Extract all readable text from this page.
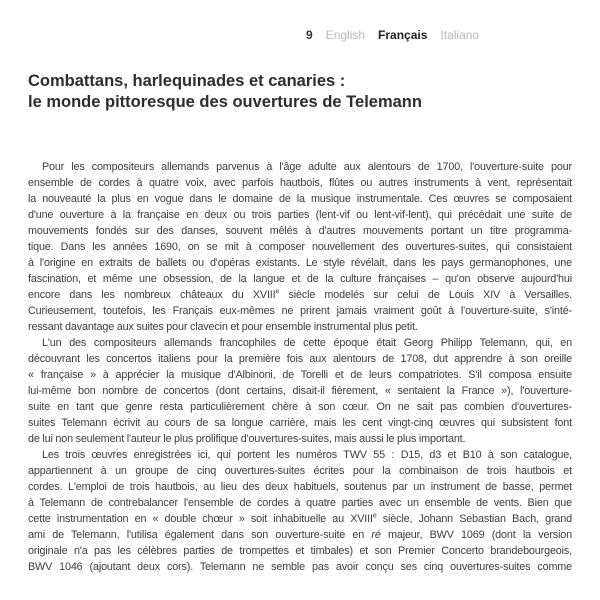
9 English Français Italiano
Combattans, harlequinades et canaries :
le monde pittoresque des ouvertures de Telemann
Pour les compositeurs allemands parvenus à l'âge adulte aux alentours de 1700, l'ouverture-suite pour
ensemble de cordes à quatre voix, avec parfois hautbois, flûtes ou autres instruments à vent, représentait
la nouveauté la plus en vogue dans le domaine de la musique instrumentale. Ces œuvres se composaient
d'une ouverture à la française en deux ou trois parties (lent-vif ou lent-vif-lent), qui précédait une suite de
mouvements fondés sur des danses, souvent mêlés à d'autres mouvements portant un titre programma-
tique. Dans les années 1690, on se mit à composer nouvellement des ouvertures-suites, qui consistaient
à l'origine en extraits de ballets ou d'opéras existants. Le style révélait, dans les pays germanophones, une
fascination, et même une obsession, de la langue et de la culture françaises – qu'on observe aujourd'hui
encore dans les nombreux châteaux du XVIIIe siècle modelés sur celui de Louis XIV à Versailles.
Curieusement, toutefois, les Français eux-mêmes ne prirent jamais vraiment goût à l'ouverture-suite, s'inté-
ressant davantage aux suites pour clavecin et pour ensemble instrumental plus petit.
L'un des compositeurs allemands francophiles de cette époque était Georg Philipp Telemann, qui, en
découvrant les concertos italiens pour la première fois aux alentours de 1708, dut apprendre à son oreille
« française » à apprécier la musique d'Albinoni, de Torelli et de leurs compatriotes. S'il composa ensuite
lui-même bon nombre de concertos (dont certains, disait-il fièrement, « sentaient la France »), l'ouverture-
suite en tant que genre resta particulièrement chère à son cœur. On ne sait pas combien d'ouvertures-
suites Telemann écrivit au cours de sa longue carrière, mais les cent vingt-cinq œuvres qui subsistent font
de lui non seulement l'auteur le plus prolifique d'ouvertures-suites, mais aussi le plus important.
Les trois œuvres enregistrées ici, qui portent les numéros TWV 55 : D15, d3 et B10 à son catalogue,
appartiennent à un groupe de cinq ouvertures-suites écrites pour la combinaison de trois hautbois et
cordes. L'emploi de trois hautbois, au lieu des deux habituels, soutenus par un instrument de basse, permet
à Telemann de contrebalancer l'ensemble de cordes à quatre parties avec un ensemble de vents. Bien que
cette instrumentation en « double chœur » soit inhabituelle au XVIIIe siècle, Johann Sebastian Bach, grand
ami de Telemann, l'utilisa également dans son ouverture-suite en ré majeur, BWV 1069 (dont la version
originale n'a pas les célèbres parties de trompettes et timbales) et son Premier Concerto brandebourgeois,
BWV 1046 (ajoutant deux cors). Telemann ne semble pas avoir conçu ses cinq ouvertures-suites comme
